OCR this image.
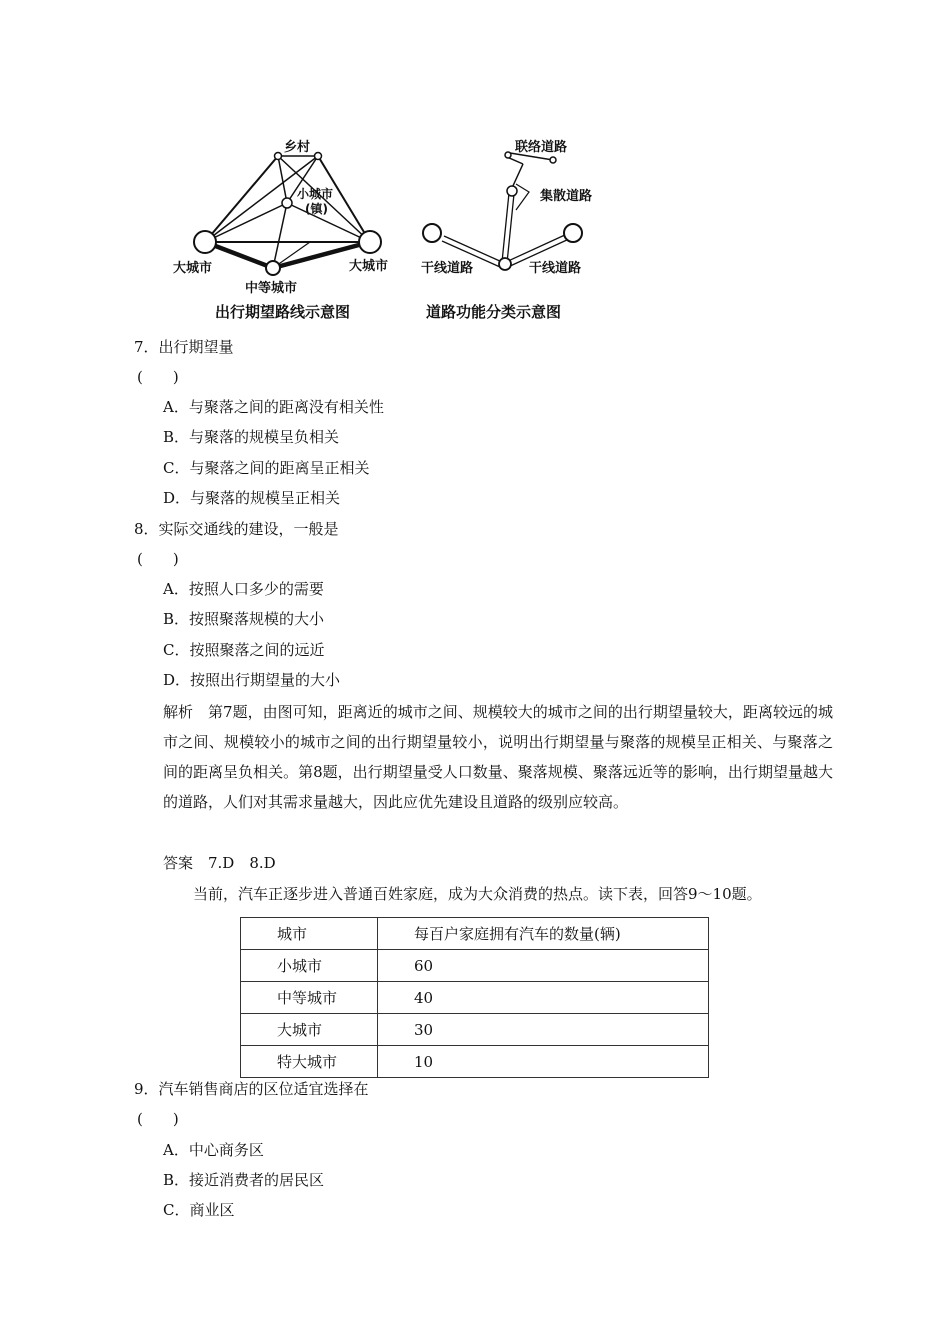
乡村
小城市
(镇)
大城市	大城市
中等城市
出行期望路线示意图
联络道路
集散道路
干线道路	干线道路
道路功能分类示意图
7．出行期望量
(　　)
A．与聚落之间的距离没有相关性
B．与聚落的规模呈负相关
C．与聚落之间的距离呈正相关
D．与聚落的规模呈正相关
8．实际交通线的建设，一般是
(　　)
A．按照人口多少的需要
B．按照聚落规模的大小
C．按照聚落之间的远近
D．按照出行期望量的大小
解析　第7题，由图可知，距离近的城市之间、规模较大的城市之间的出行期望量较大，距离较远的城市之间、规模较小的城市之间的出行期望量较小，说明出行期望量与聚落的规模呈正相关、与聚落之间的距离呈负相关。第8题，出行期望量受人口数量、聚落规模、聚落远近等的影响，出行期望量越大的道路，人们对其需求量越大，因此应优先建设且道路的级别应较高。
答案　7.D　8.D
当前，汽车正逐步进入普通百姓家庭，成为大众消费的热点。读下表，回答9～10题。
城市	每百户家庭拥有汽车的数量(辆)
小城市	60
中等城市	40
大城市	30
特大城市	10
9．汽车销售商店的区位适宜选择在
(　　)
A．中心商务区
B．接近消费者的居民区
C．商业区
